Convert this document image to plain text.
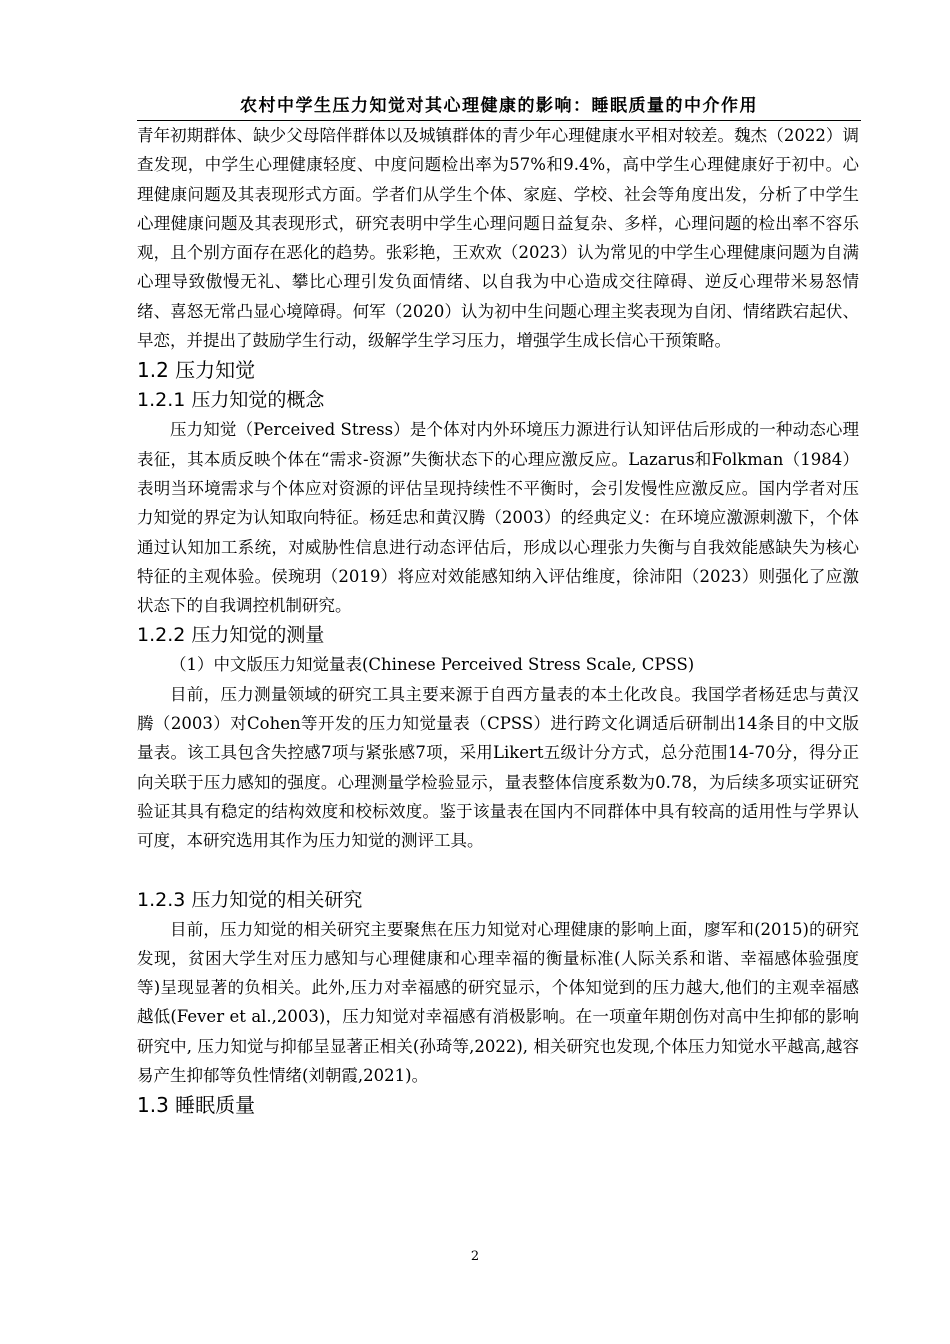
农村中学生压力知觉对其心理健康的影响：睡眠质量的中介作用

青年初期群体、缺少父母陪伴群体以及城镇群体的青少年心理健康水平相对较差。魏杰（2022）调查发现，中学生心理健康轻度、中度问题检出率为57%和9.4%，高中学生心理健康好于初中。心理健康问题及其表现形式方面。学者们从学生个体、家庭、学校、社会等角度出发，分析了中学生心理健康问题及其表现形式，研究表明中学生心理问题日益复杂、多样，心理问题的检出率不容乐观，且个别方面存在恶化的趋势。张彩艳，王欢欢（2023）认为常见的中学生心理健康问题为自满心理导致傲慢无礼、攀比心理引发负面情绪、以自我为中心造成交往障碍、逆反心理带米易怒情绪、喜怒无常凸显心境障碍。何军（2020）认为初中生问题心理主奖表现为自闭、情绪跌宕起伏、早恋，并提出了鼓励学生行动，级解学生学习压力，增强学生成长信心干预策略。

1.2 压力知觉
1.2.1 压力知觉的概念

压力知觉（Perceived Stress）是个体对内外环境压力源进行认知评估后形成的一种动态心理表征，其本质反映个体在“需求-资源”失衡状态下的心理应激反应。Lazarus和Folkman（1984）表明当环境需求与个体应对资源的评估呈现持续性不平衡时，会引发慢性应激反应。国内学者对压力知觉的界定为认知取向特征。杨廷忠和黄汉腾（2003）的经典定义：在环境应激源刺激下，个体通过认知加工系统，对威胁性信息进行动态评估后，形成以心理张力失衡与自我效能感缺失为核心特征的主观体验。侯琬玥（2019）将应对效能感知纳入评估维度，徐沛阳（2023）则强化了应激状态下的自我调控机制研究。

1.2.2 压力知觉的测量

（1）中文版压力知觉量表(Chinese Perceived Stress Scale, CPSS)

目前，压力测量领域的研究工具主要来源于自西方量表的本土化改良。我国学者杨廷忠与黄汉腾（2003）对Cohen等开发的压力知觉量表（CPSS）进行跨文化调适后研制出14条目的中文版量表。该工具包含失控感7项与紧张感7项，采用Likert五级计分方式，总分范围14-70分，得分正向关联于压力感知的强度。心理测量学检验显示，量表整体信度系数为0.78，为后续多项实证研究验证其具有稳定的结构效度和校标效度。鉴于该量表在国内不同群体中具有较高的适用性与学界认可度，本研究选用其作为压力知觉的测评工具。

1.2.3 压力知觉的相关研究

目前，压力知觉的相关研究主要聚焦在压力知觉对心理健康的影响上面，廖军和(2015)的研究发现，贫困大学生对压力感知与心理健康和心理幸福的衡量标准(人际关系和谐、幸福感体验强度等)呈现显著的负相关。此外,压力对幸福感的研究显示，个体知觉到的压力越大,他们的主观幸福感越低(Fever et al.,2003)，压力知觉对幸福感有消极影响。在一项童年期创伤对高中生抑郁的影响研究中, 压力知觉与抑郁呈显著正相关(孙琦等,2022), 相关研究也发现,个体压力知觉水平越高,越容易产生抑郁等负性情绪(刘朝霞,2021)。

1.3 睡眠质量
2
